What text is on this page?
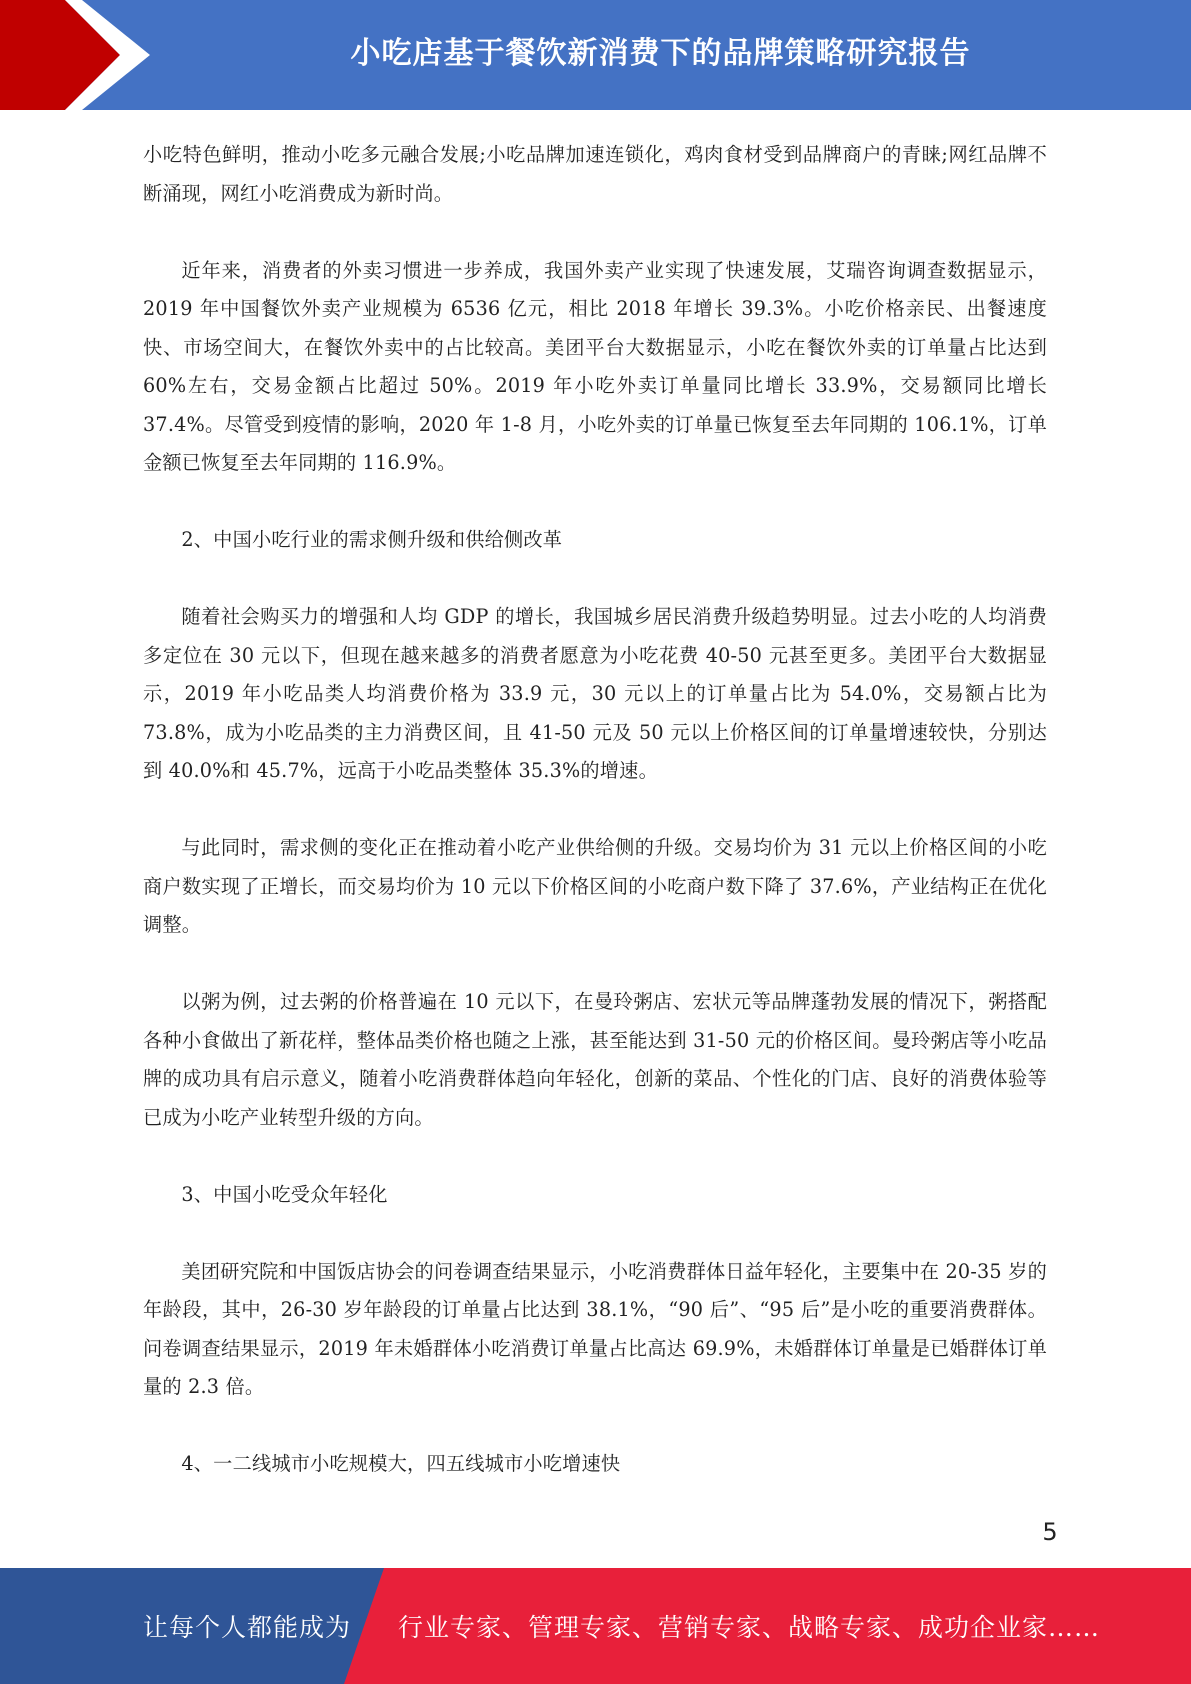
小吃店基于餐饮新消费下的品牌策略研究报告

小吃特色鲜明，推动小吃多元融合发展;小吃品牌加速连锁化，鸡肉食材受到品牌商户的青睐;网红品牌不断涌现，网红小吃消费成为新时尚。

近年来，消费者的外卖习惯进一步养成，我国外卖产业实现了快速发展，艾瑞咨询调查数据显示，2019 年中国餐饮外卖产业规模为 6536 亿元，相比 2018 年增长 39.3%。小吃价格亲民、出餐速度快、市场空间大，在餐饮外卖中的占比较高。美团平台大数据显示，小吃在餐饮外卖的订单量占比达到 60%左右，交易金额占比超过 50%。2019 年小吃外卖订单量同比增长 33.9%，交易额同比增长 37.4%。尽管受到疫情的影响，2020 年 1-8 月，小吃外卖的订单量已恢复至去年同期的 106.1%，订单金额已恢复至去年同期的 116.9%。

2、中国小吃行业的需求侧升级和供给侧改革

随着社会购买力的增强和人均 GDP 的增长，我国城乡居民消费升级趋势明显。过去小吃的人均消费多定位在 30 元以下，但现在越来越多的消费者愿意为小吃花费 40-50 元甚至更多。美团平台大数据显示，2019 年小吃品类人均消费价格为 33.9 元，30 元以上的订单量占比为 54.0%，交易额占比为 73.8%，成为小吃品类的主力消费区间，且 41-50 元及 50 元以上价格区间的订单量增速较快，分别达到 40.0%和 45.7%，远高于小吃品类整体 35.3%的增速。

与此同时，需求侧的变化正在推动着小吃产业供给侧的升级。交易均价为 31 元以上价格区间的小吃商户数实现了正增长，而交易均价为 10 元以下价格区间的小吃商户数下降了 37.6%，产业结构正在优化调整。

以粥为例，过去粥的价格普遍在 10 元以下，在曼玲粥店、宏状元等品牌蓬勃发展的情况下，粥搭配各种小食做出了新花样，整体品类价格也随之上涨，甚至能达到 31-50 元的价格区间。曼玲粥店等小吃品牌的成功具有启示意义，随着小吃消费群体趋向年轻化，创新的菜品、个性化的门店、良好的消费体验等已成为小吃产业转型升级的方向。

3、中国小吃受众年轻化

美团研究院和中国饭店协会的问卷调查结果显示，小吃消费群体日益年轻化，主要集中在 20-35 岁的年龄段，其中，26-30 岁年龄段的订单量占比达到 38.1%，“90 后”、“95 后”是小吃的重要消费群体。问卷调查结果显示，2019 年未婚群体小吃消费订单量占比高达 69.9%，未婚群体订单量是已婚群体订单量的 2.3 倍。

4、一二线城市小吃规模大，四五线城市小吃增速快

5
让每个人都能成为	行业专家、管理专家、营销专家、战略专家、成功企业家……
